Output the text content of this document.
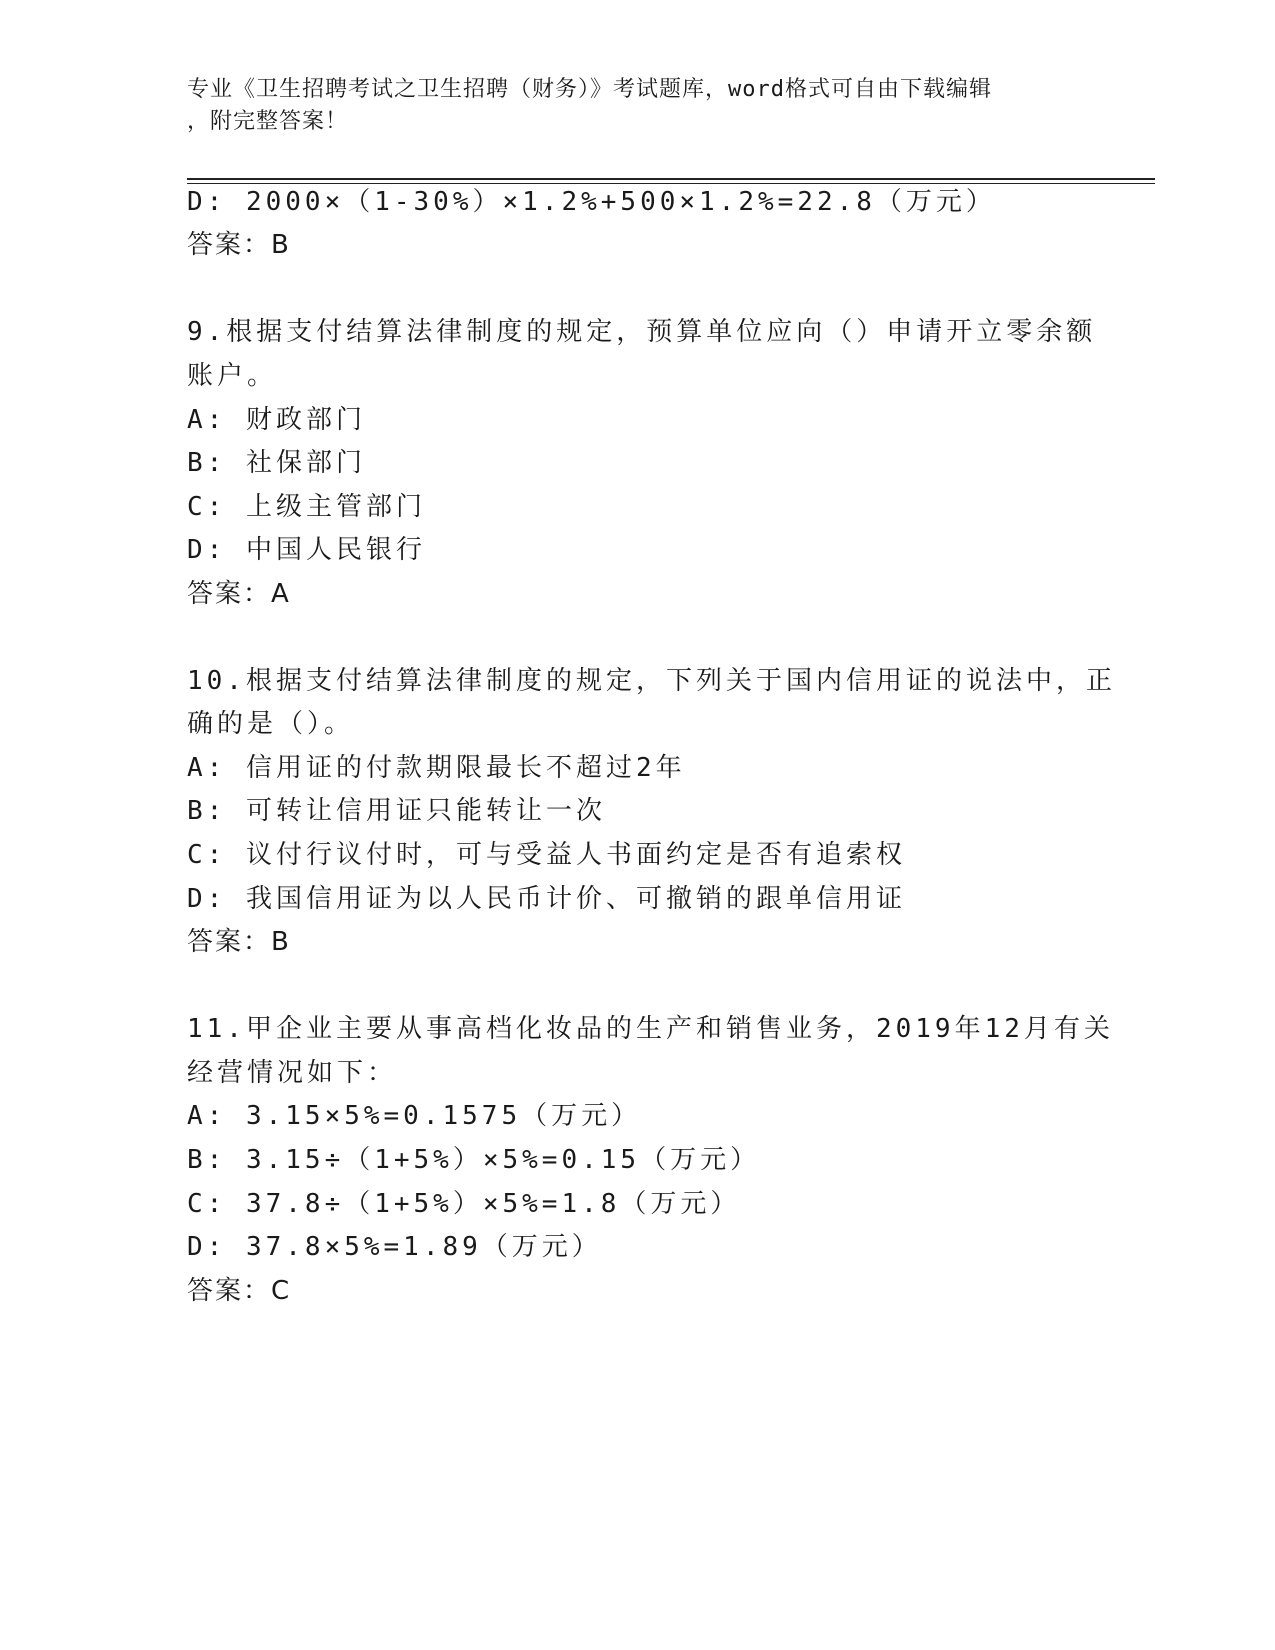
专业《卫生招聘考试之卫生招聘（财务）》考试题库，word格式可自由下载编辑
，附完整答案！
D: 2000×（1-30%）×1.2%+500×1.2%=22.8（万元）
答案：B
9.根据支付结算法律制度的规定，预算单位应向（）申请开立零余额
账户。
A: 财政部门
B: 社保部门
C: 上级主管部门
D: 中国人民银行
答案：A
10.根据支付结算法律制度的规定，下列关于国内信用证的说法中，正
确的是（）。
A: 信用证的付款期限最长不超过2年
B: 可转让信用证只能转让一次
C: 议付行议付时，可与受益人书面约定是否有追索权
D: 我国信用证为以人民币计价、可撤销的跟单信用证
答案：B
11.甲企业主要从事高档化妆品的生产和销售业务，2019年12月有关
经营情况如下：
A: 3.15×5%=0.1575（万元）
B: 3.15÷（1+5%）×5%=0.15（万元）
C: 37.8÷（1+5%）×5%=1.8（万元）
D: 37.8×5%=1.89（万元）
答案：C
